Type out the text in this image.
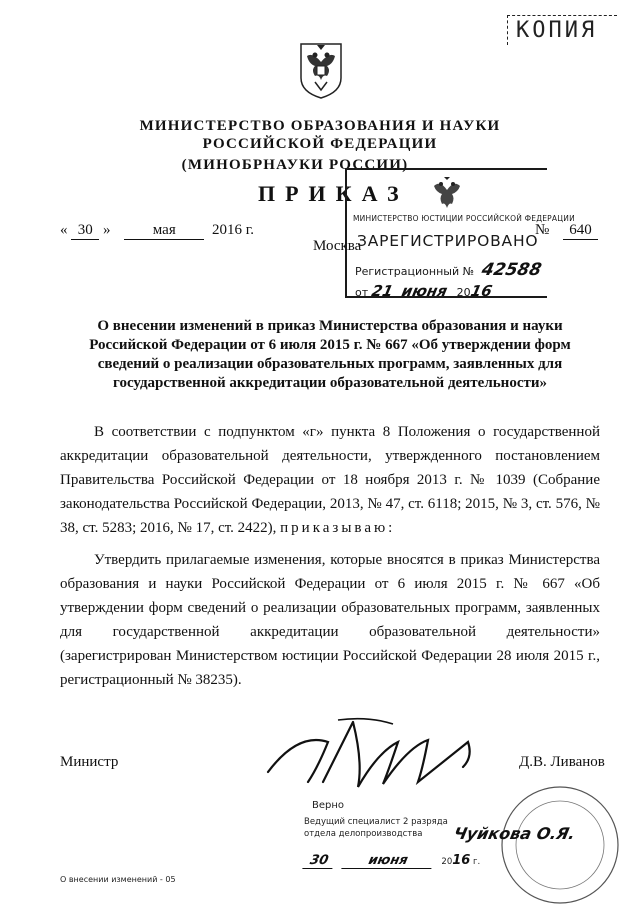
КОПИЯ
МИНИСТЕРСТВО ОБРАЗОВАНИЯ И НАУКИ
РОССИЙСКОЙ ФЕДЕРАЦИИ
(МИНОБРНАУКИ РОССИИ)
ПРИКАЗ
« 30 »	мая 2016 г.
Москва
№	640
МИНИСТЕРСТВО ЮСТИЦИИ РОССИЙСКОЙ ФЕДЕРАЦИИ
ЗАРЕГИСТРИРОВАНО
Регистрационный № 42588
от 21 июня 2016
О внесении изменений в приказ Министерства образования и науки Российской Федерации от 6 июля 2015 г. № 667 «Об утверждении форм сведений о реализации образовательных программ, заявленных для государственной аккредитации образовательной деятельности»
В соответствии с подпунктом «г» пункта 8 Положения о государственной аккредитации образовательной деятельности, утвержденного постановлением Правительства Российской Федерации от 18 ноября 2013 г. № 1039 (Собрание законодательства Российской Федерации, 2013, № 47, ст. 6118; 2015, № 3, ст. 576, № 38, ст. 5283; 2016, № 17, ст. 2422), приказываю:
Утвердить прилагаемые изменения, которые вносятся в приказ Министерства образования и науки Российской Федерации от 6 июля 2015 г. № 667 «Об утверждении форм сведений о реализации образовательных программ, заявленных для государственной аккредитации образовательной деятельности» (зарегистрирован Министерством юстиции Российской Федерации 28 июля 2015 г., регистрационный № 38235).
Министр	Д.В. Ливанов
Верно
Ведущий специалист 2 разряда
отдела делопроизводства	Чуйкова О.Я.
30	июня	2016 г.
О внесении изменений - 05
